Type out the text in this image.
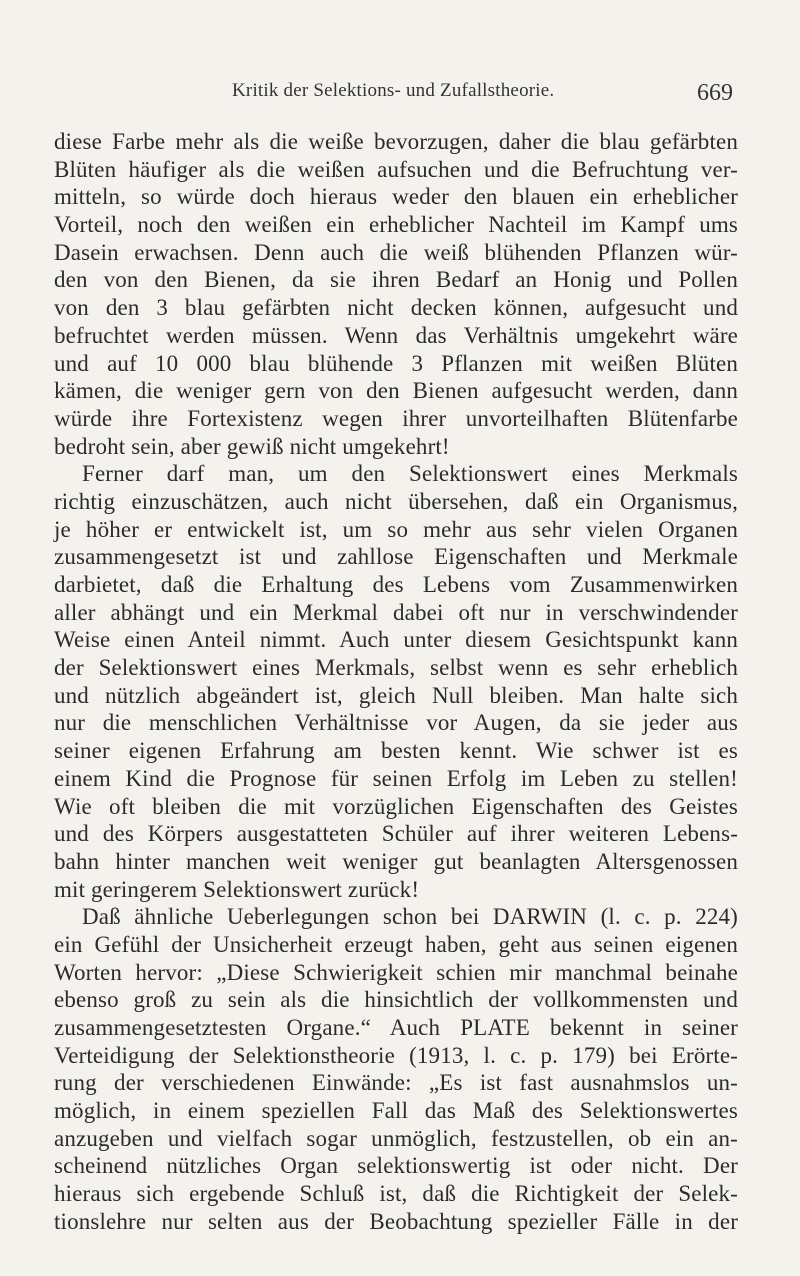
Kritik der Selektions- und Zufallstheorie.	669
diese Farbe mehr als die weiße bevorzugen, daher die blau gefärbten
Blüten häufiger als die weißen aufsuchen und die Befruchtung ver-
mitteln, so würde doch hieraus weder den blauen ein erheblicher
Vorteil, noch den weißen ein erheblicher Nachteil im Kampf ums
Dasein erwachsen. Denn auch die weiß blühenden Pflanzen wür-
den von den Bienen, da sie ihren Bedarf an Honig und Pollen
von den 3 blau gefärbten nicht decken können, aufgesucht und
befruchtet werden müssen. Wenn das Verhältnis umgekehrt wäre
und auf 10 000 blau blühende 3 Pflanzen mit weißen Blüten
kämen, die weniger gern von den Bienen aufgesucht werden, dann
würde ihre Fortexistenz wegen ihrer unvorteilhaften Blütenfarbe
bedroht sein, aber gewiß nicht umgekehrt!
Ferner darf man, um den Selektionswert eines Merkmals
richtig einzuschätzen, auch nicht übersehen, daß ein Organismus,
je höher er entwickelt ist, um so mehr aus sehr vielen Organen
zusammengesetzt ist und zahllose Eigenschaften und Merkmale
darbietet, daß die Erhaltung des Lebens vom Zusammenwirken
aller abhängt und ein Merkmal dabei oft nur in verschwindender
Weise einen Anteil nimmt. Auch unter diesem Gesichtspunkt kann
der Selektionswert eines Merkmals, selbst wenn es sehr erheblich
und nützlich abgeändert ist, gleich Null bleiben. Man halte sich
nur die menschlichen Verhältnisse vor Augen, da sie jeder aus
seiner eigenen Erfahrung am besten kennt. Wie schwer ist es
einem Kind die Prognose für seinen Erfolg im Leben zu stellen!
Wie oft bleiben die mit vorzüglichen Eigenschaften des Geistes
und des Körpers ausgestatteten Schüler auf ihrer weiteren Lebens-
bahn hinter manchen weit weniger gut beanlagten Altersgenossen
mit geringerem Selektionswert zurück!
Daß ähnliche Ueberlegungen schon bei DARWIN (l. c. p. 224)
ein Gefühl der Unsicherheit erzeugt haben, geht aus seinen eigenen
Worten hervor: „Diese Schwierigkeit schien mir manchmal beinahe
ebenso groß zu sein als die hinsichtlich der vollkommensten und
zusammengesetztesten Organe.“ Auch PLATE bekennt in seiner
Verteidigung der Selektionstheorie (1913, l. c. p. 179) bei Erörte-
rung der verschiedenen Einwände: „Es ist fast ausnahmslos un-
möglich, in einem speziellen Fall das Maß des Selektionswertes
anzugeben und vielfach sogar unmöglich, festzustellen, ob ein an-
scheinend nützliches Organ selektionswertig ist oder nicht. Der
hieraus sich ergebende Schluß ist, daß die Richtigkeit der Selek-
tionslehre nur selten aus der Beobachtung spezieller Fälle in der
